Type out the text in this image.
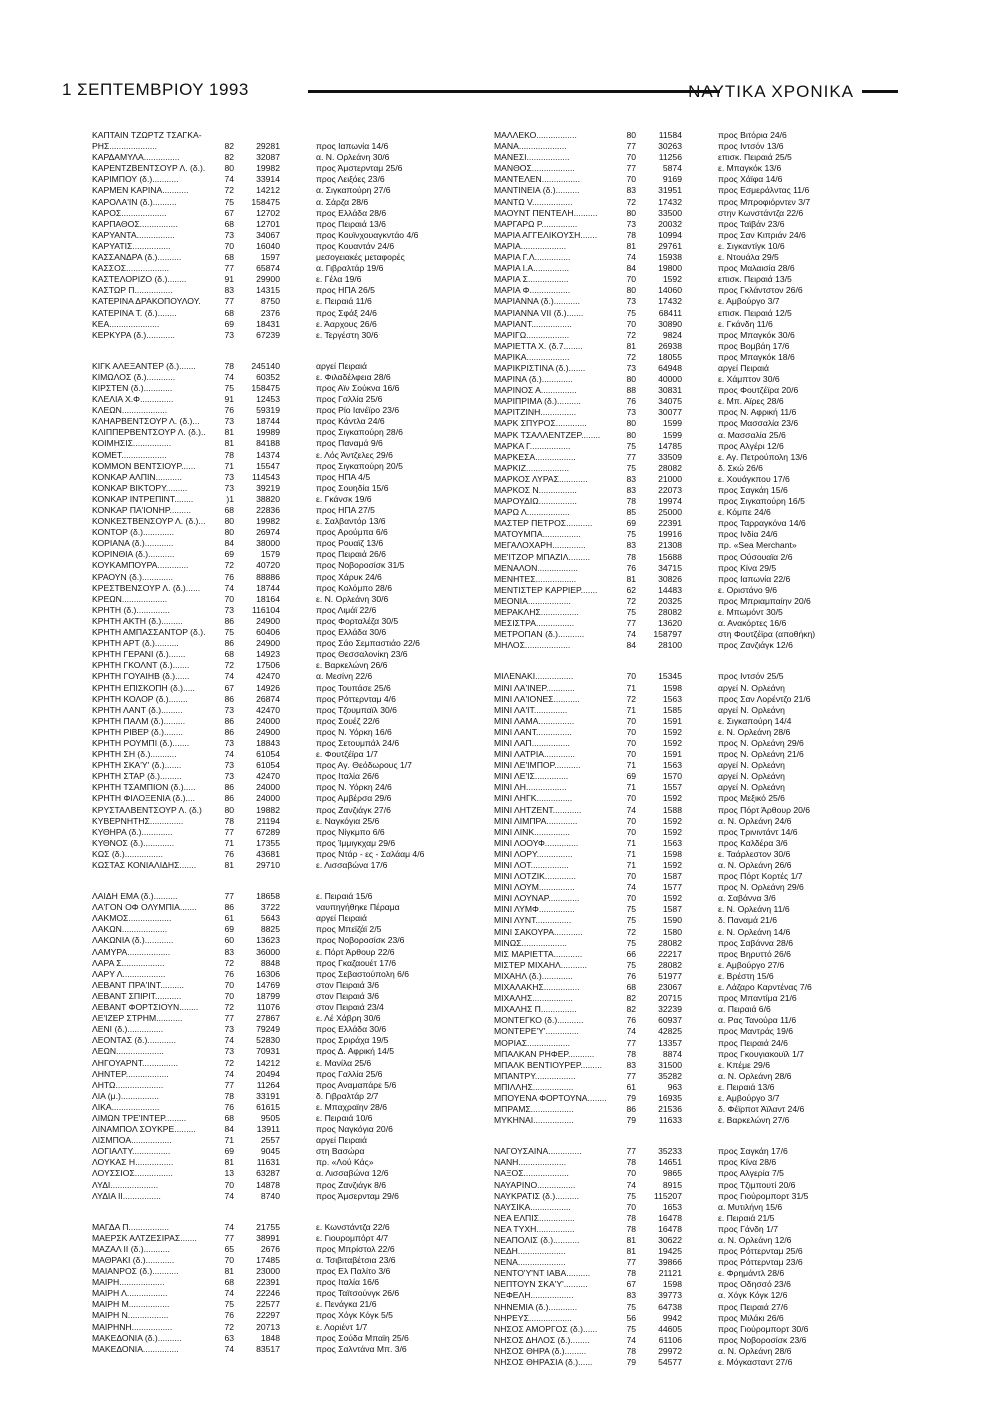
1 ΣΕΠΤΕΜΒΡΙΟΥ 1993	ΝΑΥΤΙΚΑ ΧΡΟΝΙΚΑ
ΚΑΠΤΑΙΝ ΤΖΩΡΤΖ ΤΣΑΓΚΑ-
ΡΗΣ....................	82	29281	προς Ιαπωνία 14/6
ΚΑΡΔΑΜΥΛΑ...............	82	32087	α. Ν. Ορλεάνη 30/6
ΚΑΡΕΝΤΖΒΕΝΤΣΟΥΡ Λ. (δ.).	80	19982	προς Άμστερνταμ 25/6
ΚΑΡΙΜΠΟΥ (δ.)...........	74	33914	προς Λειξόες 23/6
ΚΑΡΜΕΝ ΚΑΡΙΝΑ...........	72	14212	α. Σιγκαπούρη 27/6
ΚΑΡΟΛΑ'ΙΝ (δ.)..........	75	158475	α. Σάρζα 28/6
ΚΑΡΟΣ...................	67	12702	προς Ελλάδα 28/6
ΚΑΡΠΑΘΟΣ................	68	12701	προς Πειραιά 13/6
ΚΑΡΥΑΝΤΑ................	73	34067	προς Κουϊνχουαγκντάο 4/6
ΚΑΡΥΑΤΙΣ................	70	16040	προς Κουαντάν 24/6
ΚΑΣΣΑΝΔΡΑ (δ.)..........	68	1597	μεσογειακές μεταφορές
ΚΑΣΣΟΣ..................	77	65874	α. Γιβραλτάρ 19/6
ΚΑΣΤΕΛΟΡΙΖΟ (δ.)........	91	29900	ε. Γέλα 19/6
ΚΑΣΤΩΡ Π................	83	14315	προς ΗΠΑ 26/5
ΚΑΤΕΡΙΝΑ ΔΡΑΚΟΠΟΥΛΟΥ.	77	8750	ε. Πειραιά 11/6
ΚΑΤΕΡΙΝΑ Τ. (δ.)........	68	2376	προς Σφάξ 24/6
ΚΕΑ.....................	69	18431	ε. Άαρχους 26/6
ΚΕΡΚΥΡΑ (δ.)............	73	67239	ε. Τεργέστη 30/6
ΚΙΓΚ ΑΛΕΞΑΝΤΕΡ (δ.).......	78	245140	αργεί Πειραιά
ΚΙΜΩΛΟΣ (δ.)............	74	60352	ε. Φιλαδέλφεια 28/6
ΚΙΡΣΤΕΝ (δ.)............	75	158475	προς Αϊν Σούκνα 16/6
ΚΛΕΛΙΑ Χ.Φ..............	91	12453	προς Γαλλία 25/6
ΚΛΕΩΝ...................	76	59319	προς Ρίο Ιανέϊρο 23/6
ΚΛΗΑΡΒΕΝΤΣΟΥΡ Λ. (δ.)...	73	18744	προς Κάντλα 24/6
ΚΛΙΠΠΕΡΒΕΝΤΣΟΥΡ Λ. (δ.)..	81	19989	προς Σιγκαπούρη 28/6
ΚΟΙΜΗΣΙΣ................	81	84188	προς Παναμά 9/6
ΚΟΜΕΤ...................	78	14374	ε. Λός Άντζελες 29/6
ΚΟΜΜΟΝ ΒΕΝΤΣΙΟΥΡ......	71	15547	προς Σιγκαπούρη 20/5
ΚΟΝΚΑΡ ΑΛΠΙΝ...........	73	114543	προς ΗΠΑ 4/5
ΚΟΝΚΑΡ ΒΙΚΤΟΡΥ.........	73	39219	προς Σουηδία 15/6
ΚΟΝΚΑΡ ΙΝΤΡΕΠΙΝΤ........	)1	38820	ε. Γκάνσκ 19/6
ΚΟΝΚΑΡ ΠΑ'ΙΟΝΗΡ.........	68	22836	προς ΗΠΑ 27/5
ΚΟΝΚΕΣΤΒΕΝΣΟΥΡ Λ. (δ.)...	80	19982	ε. Σαλβαντόρ 13/6
ΚΟΝΤΟΡ (δ.).............	80	26974	προς Αρούμπα 6/6
ΚΟΡΙΑΝΑ (δ.)............	84	38000	προς Ρουαϊζ 13/6
ΚΟΡΙΝΘΙΑ (δ.)...........	69	1579	προς Πειραιά 26/6
ΚΟΥΚΑΜΠΟΥΡΑ.............	72	40720	προς Νοβοροσίσκ 31/5
ΚΡΑΟΥΝ (δ.).............	76	88886	προς Χάρυκ 24/6
ΚΡΕΣΤΒΕΝΣΟΥΡ Λ. (δ.)......	74	18744	προς Κολόμπο 28/6
ΚΡΕΩΝ...................	70	18164	ε. Ν. Ορλεάνη 30/6
ΚΡΗΤΗ (δ.)..............	73	116104	προς Λιμάϊ 22/6
ΚΡΗΤΗ ΑΚΤΗ (δ.).........	86	24900	προς Φορταλέζα 30/5
ΚΡΗΤΗ ΑΜΠΑΣΣΑΝΤΟΡ (δ.).	75	60406	προς Ελλάδα 30/6
ΚΡΗΤΗ ΑΡΤ (δ.)..........	86	24900	προς Σάο Σεμπαστιάο 22/6
ΚΡΗΤΗ ΓΕΡΑΝΙ (δ.).......	68	14923	προς Θεσσαλονίκη 23/6
ΚΡΗΤΗ ΓΚΟΛΝΤ (δ.).......	72	17506	ε. Βαρκελώνη 26/6
ΚΡΗΤΗ ΓΟΥΑΙΗΒ (δ.)......	74	42470	α. Μεσίνη 22/6
ΚΡΗΤΗ ΕΠΙΣΚΟΠΗ (δ.).....	67	14926	προς Τουπάσε 25/6
ΚΡΗΤΗ ΚΟΛΟΡ (δ.)........	86	26874	προς Ρόττερνταμ 4/6
ΚΡΗΤΗ ΛΑΝΤ (δ.).........	73	42470	προς Τζουμπαϊλ 30/6
ΚΡΗΤΗ ΠΑΛΜ (δ.).........	86	24000	προς Σουέζ 22/6
ΚΡΗΤΗ ΡΙΒΕΡ (δ.)........	86	24900	προς Ν. Υόρκη 16/6
ΚΡΗΤΗ ΡΟΥΜΠΙ (δ.).......	73	18843	προς Σετουμπάλ 24/6
ΚΡΗΤΗ ΣΗ (δ.)...........	74	61054	ε. Φουτζέϊρα 1/7
ΚΡΗΤΗ ΣΚΑ'Υ' (δ.).......	73	61054	προς Αγ. Θεόδωρους 1/7
ΚΡΗΤΗ ΣΤΑΡ (δ.).........	73	42470	προς Ιταλία 26/6
ΚΡΗΤΗ ΤΣΑΜΠΙΟΝ (δ.).....	86	24000	προς Ν. Υόρκη 24/6
ΚΡΗΤΗ ΦΙΛΟΞΕΝΙΑ (δ.)....	86	24000	προς Αμβέρσα 29/6
ΚΡΥΣΤΑΛΒΕΝΤΣΟΥΡ Λ. (δ.)	80	19882	προς Ζανζιάγκ 27/6
ΚΥΒΕΡΝΗΤΗΣ..............	78	21194	ε. Ναγκόγια 25/6
ΚΥΘΗΡΑ (δ.).............	77	67289	προς Νίγκμπο 6/6
ΚΥΘΝΟΣ (δ.).............	71	17355	προς Ίμμιγκχαμ 29/6
ΚΩΣ (δ.)................	76	43681	προς Ντάρ - ες - Σαλάαμ 4/6
ΚΩΣΤΑΣ ΚΟΝΙΑΛΙΔΗΣ.......	81	29710	ε. Λισσαβώνα 17/6
ΛΑΙΔΗ ΕΜΑ (δ.)..........	77	18658	ε. Πειραιά 15/6
ΛΑ'ΓΟΝ ΟΦ ΟΛΥΜΠΙΑ.......	86	3722	ναυπηγήθηκε Πέραμα
ΛΑΚΜΟΣ..................	61	5643	αργεί Πειραιά
ΛΑΚΩΝ...................	69	8825	προς Μπεϊζάϊ 2/5
ΛΑΚΩΝΙΑ (δ.)............	60	13623	προς Νοβοροσίσκ 23/6
ΛΑΜΥΡΑ..................	83	36000	ε. Πόρτ Άρθουρ 22/6
ΛΑΡΑ Σ..................	72	8848	προς Γκαζαουέτ 17/6
ΛΑΡΥ Λ..................	76	16306	προς Σεβαστούπολη 6/6
ΛΕΒΑΝΤ ΠΡΑ'ΙΝΤ..........	70	14769	στον Πειραιά 3/6
ΛΕΒΑΝΤ ΣΠΙΡΙΤ...........	70	18799	στον Πειραιά 3/6
ΛΕΒΑΝΤ ΦΟΡΤΣΙΟΥΝ........	72	11076	στον Πειραιά 23/4
ΛΕ'ΙΖΕΡ ΣΤΡΗΜ...........	77	27867	ε. Λέ Χάβρη 30/6
ΛΕΝΙ (δ.)...............	73	79249	προς Ελλάδα 30/6
ΛΕΟΝΤΑΣ (δ.)............	74	52830	προς Σριράχα 19/5
ΛΕΩΝ....................	73	70931	προς Δ. Αφρική 14/5
ΛΗΓΟΥΑΡΝΤ...............	72	14212	ε. Μανίλα 25/6
ΛΗΝΤΕΡ..................	74	20494	προς Γαλλία 25/6
ΛΗΤΩ....................	77	11264	προς Αναμαπάρε 5/6
ΛΙΑ (μ.)................	78	33191	δ. Γιβραλτάρ 2/7
ΛΙΚΑ....................	76	61615	ε. Μπαχραϊην 28/6
ΛΙΜΩΝ ΤΡΕ'ΙΝΤΕΡ.........	68	9505	ε. Πειραιά 10/6
ΛΙΝΑΜΠΟΛ ΣΟΥΚΡΕ.........	84	13911	προς Ναγκόγια 20/6
ΛΙΣΜΠΟΑ.................	71	2557	αργεί Πειραιά
ΛΟΓΙΑΛΤΥ................	69	9045	στη Βασώρα
ΛΟΥΚΑΣ Η................	81	11631	πρ. «Λού Κάς»
ΛΟΥΣΣΙΟΣ................	13	63287	α. Λισσαβώνα 12/6
ΛΥΔΙ....................	70	14878	προς Ζανζιάγκ 8/6
ΛΥΔΙΑ ΙΙ................	74	8740	προς Άμσερνταμ 29/6
ΜΑΓΔΑ Π.................	74	21755	ε. Κωνστάντζα 22/6
ΜΑΕΡΣΚ ΑΛΤΖΕΣΙΡΑΣ.......	77	38991	ε. Γιουρομπόρτ 4/7
ΜΑΖΑΛ ΙΙ (δ.)...........	65	2676	προς Μπρίστολ 22/6
ΜΑΘΡΑΚΙ (δ.)............	70	17485	α. Τσιβιταβέτσια 23/6
ΜΑΙΑΝΡΟΣ (δ.)...........	81	23000	προς Ελ Παλίτο 3/6
ΜΑΙΡΗ...................	68	22391	προς Ιταλία 16/6
ΜΑΙΡΗ Λ.................	74	22246	προς Ταϊτσούνγκ 26/6
ΜΑΙΡΗ Μ.................	75	22577	ε. Πενάγκα 21/6
ΜΑΙΡΗ Ν.................	76	22297	προς Χόγκ Κόγκ 5/5
ΜΑΙΡΗΝΗ.................	72	20713	ε. Λοριέντ 1/7
ΜΑΚΕΔΟΝΙΑ (δ.)..........	63	1848	προς Σούδα Μπαϊη 25/6
ΜΑΚΕΔΟΝΙΑ...............	74	83517	προς Σαλντάνα Μπ. 3/6
ΜΑΛΛΕΚΟ.................	80	11584	προς Βιτόρια 24/6
ΜΑΝΑ....................	77	30263	προς Ιντσόν 13/6
ΜΑΝΕΣΙ..................	70	11256	επισκ. Πειραιά 25/5
ΜΑΝΘΟΣ..................	77	5874	ε. Μπαγκόκ 13/6
ΜΑΝΤΕΛΕΝ................	70	9169	προς Χάϊφα 14/6
ΜΑΝΤΙΝΕΙΑ (δ.)..........	83	31951	προς Εσμεράλντας 11/6
ΜΑΝΤΩ V.................	72	17432	προς Μπροφιόρντεν 3/7
ΜΑΟΥΝΤ ΠΕΝΤΕΛΗ..........	80	33500	στην Κωνστάντζα 22/6
ΜΑΡΓΑΡΩ Ρ...............	73	20032	προς Ταϊβάν 23/6
ΜΑΡΙΑ ΑΓΓΕΛΙΚΟΥΣΗ.......	78	10994	προς Σαν Κιπριάν 24/6
ΜΑΡΙΑ...................	81	29761	ε. Σιγκαντίγκ 10/6
ΜΑΡΙΑ Γ.Λ...............	74	15938	ε. Ντουάλα 29/5
ΜΑΡΙΑ Ι.Α...............	84	19800	προς Μαλαισία 28/6
ΜΑΡΙΑ Σ.................	70	1592	επισκ. Πειραιά 13/5
ΜΑΡΙΑ Φ.................	80	14060	προς Γκλάντστον 26/6
ΜΑΡΙΑΝΝΑ (δ.)...........	73	17432	ε. Αμβούργο 3/7
ΜΑΡΙΑΝΝΑ VII (δ.).......	75	68411	επισκ. Πειραιά 12/5
ΜΑΡΙΑΝΤ.................	70	30890	ε. Γκάνδη 11/6
ΜΑΡΙΓΩ..................	72	9824	προς Μπαγκόκ 30/6
ΜΑΡΙΕΤΤΑ Χ. (δ.7........	81	26938	προς Βομβάη 17/6
ΜΑΡΙΚΑ..................	72	18055	προς Μπαγκόκ 18/6
ΜΑΡΙΚΡΙΣΤΙΝΑ (δ.).......	73	64948	αργεί Πειραιά
ΜΑΡΙΝΑ (δ.).............	80	40000	ε. Χάμπτον 30/6
ΜΑΡΙΝΟΣ Α...............	88	30831	προς Φουτζέϊρα 20/6
ΜΑΡΙΠΡΙΜΑ (δ.)..........	76	34075	ε. Μπ. Αϊρες 28/6
ΜΑΡΙΤΖΙΝΗ...............	73	30077	προς Ν. Αφρική 11/6
ΜΑΡΚ ΣΠΥΡΟΣ.............	80	1599	προς Μασσαλία 23/6
ΜΑΡΚ ΤΣΑΛΛΕΝΤΖΕΡ........	80	1599	α. Μασσαλία 25/6
ΜΑΡΚΑ Γ.................	75	14785	προς Αλγέρι 12/6
ΜΑΡΚΕΣΑ.................	77	33509	ε. Αγ. Πετρούπολη 13/6
ΜΑΡΚΙΖ..................	75	28082	δ. Σκώ 26/6
ΜΑΡΚΟΣ ΛΥΡΑΣ............	83	21000	ε. Χουάγκπου 17/6
ΜΑΡΚΟΣ Ν................	83	22073	προς Σαγκάη 15/6
ΜΑΡΟΥΔΙΩ................	78	19974	προς Σιγκαπούρη 16/5
ΜΑΡΩ Λ..................	85	25000	ε. Κόμπε 24/6
ΜΑΣΤΕΡ ΠΕΤΡΟΣ...........	69	22391	προς Ταρραγκόνα 14/6
ΜΑΤΟΥΜΠΑ................	75	19916	προς Ινδία 24/6
ΜΕΓΑΛΟΧΑΡΗ..............	83	21308	πρ. «Sea Merchant»
ΜΕ'ΙΤΖΟΡ ΜΠΑΖΙΛ.........	78	15688	προς Ούσουαϊα 2/6
ΜΕΝΑΛΟΝ.................	76	34715	προς Κίνα 29/5
ΜΕΝΗΤΕΣ.................	81	30826	προς Ιαπωνία 22/6
ΜΕΝΤΙΣΤΕΡ ΚΑΡΡΙΕΡ.......	62	14483	ε. Οριστάνο 9/6
ΜΕΟΝΙΑ..................	72	20325	προς Μπριαμπαίην 20/6
ΜΕΡΑΚΛΗΣ................	75	28082	ε. Μπωμόντ 30/5
ΜΕΣΙΣΤΡΑ................	77	13620	α. Ανακόρτες 16/6
ΜΕΤΡΟΠΑΝ (δ.)...........	74	158797	στη Φουτζέϊρα (αποθήκη)
ΜΗΛΟΣ...................	84	28100	προς Ζανζιάγκ 12/6
ΜΙΛΕΝΑΚΙ................	70	15345	προς Ιντσόν 25/5
ΜΙΝΙ ΛΑ'ΙΝΕΡ............	71	1598	αργεί Ν. Ορλεάνη
ΜΙΝΙ ΛΑ'ΙΟΝΕΣ...........	72	1563	προς Σαν Λορέντζο 21/6
ΜΙΝΙ ΛΑ'ΙΤ..............	71	1585	αργεί Ν. Ορλεάνη
ΜΙΝΙ ΛΑΜΑ...............	70	1591	ε. Σιγκαπούρη 14/4
ΜΙΝΙ ΛΑΝΤ...............	70	1592	ε. Ν. Ορλεάνη 28/6
ΜΙΝΙ ΛΑΠ................	70	1592	προς Ν. Ορλεάνη 29/6
ΜΙΝΙ ΛΑΤΡΙΑ.............	70	1591	προς Ν. Ορλεάνη 21/6
ΜΙΝΙ ΛΕ'ΙΜΠΟΡ...........	71	1563	αργεί Ν. Ορλεάνη
ΜΙΝΙ ΛΕ'ΙΣ..............	69	1570	αργεί Ν. Ορλεάνη
ΜΙΝΙ ΛΗ.................	71	1557	αργεί Ν. Ορλεάνη
ΜΙΝΙ ΛΗΓΚ...............	70	1592	προς Μεξικό 25/6
ΜΙΝΙ ΛΗΤΖΕΝΤ............	74	1588	προς Πόρτ Άρθουρ 20/6
ΜΙΝΙ ΛΙΜΠΡΑ.............	70	1592	α. Ν. Ορλεάνη 24/6
ΜΙΝΙ ΛΙΝΚ...............	70	1592	προς Τρινιντάντ 14/6
ΜΙΝΙ ΛΟΟΥΦ..............	71	1563	προς Καλδέρα 3/6
ΜΙΝΙ ΛΟΡΥ...............	71	1598	ε. Ταάρλεστον 30/6
ΜΙΝΙ ΛΟΤ................	71	1592	α. Ν. Ορλεάνη 26/6
ΜΙΝΙ ΛΟΤΖΙΚ.............	70	1587	προς Πόρτ Κορτές 1/7
ΜΙΝΙ ΛΟΥΜ...............	74	1577	προς Ν. Ορλεάνη 29/6
ΜΙΝΙ ΛΟΥΝΑΡ.............	70	1592	α. Σαβάννα 3/6
ΜΙΝΙ ΛΥΜΦ...............	75	1587	ε. Ν. Ορλεάνη 11/6
ΜΙΝΙ ΛΥΝΤ...............	75	1590	δ. Παναμά 21/6
ΜΙΝΙ ΣΑΚΟΥΡΑ............	72	1580	ε. Ν. Ορλεάνη 14/6
ΜΙΝΩΣ...................	75	28082	προς Σαβάννα 28/6
ΜΙΣ ΜΑΡΙΕΤΤΑ............	66	22217	προς Βηρυττό 26/6
ΜΙΣΤΕΡ ΜΙΧΑΗΛ...........	75	28082	ε. Αμβούργο 27/6
ΜΙΧΑΗΛ (δ.).............	76	51977	ε. Βρέστη 15/6
ΜΙΧΑΛΑΚΗΣ...............	68	23067	ε. Λάζαρο Καρντένας 7/6
ΜΙΧΑΛΗΣ.................	82	20715	προς Μπαντίμα 21/6
ΜΙΧΑΛΗΣ Π...............	82	32239	α. Πειραιά 6/6
ΜΟΝΤΕΓΚΟ (δ.)...........	76	60937	α. Ρας Τανούρα 11/6
ΜΟΝΤΕΡΕ'Υ'..............	74	42825	προς Μαντράς 19/6
ΜΟΡΙΑΣ..................	77	13357	προς Πειραιά 24/6
ΜΠΑΛΚΑΝ ΡΗΦΕΡ...........	78	8874	προς Γκουγιακουϊλ 1/7
ΜΠΑΛΚ ΒΕΝΤΙΟΥΡΕΡ.........	83	31500	ε. Κπέμε 29/6
ΜΠΑΝΤΡΥ.................	77	35282	α. Ν. Ορλεάνη 28/6
ΜΠΙΛΛΗΣ.................	61	963	ε. Πειραιά 13/6
ΜΠΟΥΕΝΑ ΦΟΡΤΟΥΝΑ........	79	16935	ε. Αμβούργο 3/7
ΜΠΡΑΜΣ..................	86	21536	δ. Φέϊρποτ Άϊλαντ 24/6
ΜΥΚΗΝΑΙ.................	79	11633	ε. Βαρκελώνη 27/6
ΝΑΓΟΥΣΑΙΝΑ..............	77	35233	προς Σαγκάη 17/6
ΝΑΝΗ....................	78	14651	προς Κίνα 28/6
ΝΑΞΟΣ...................	70	9865	προς Αλγερία 7/5
ΝΑΥΑΡΙΝΟ................	74	8915	προς Τζιμπουτί 20/6
ΝΑΥΚΡΑΤΙΣ (δ.)..........	75	115207	προς Γιούρομπορτ 31/5
ΝΑΥΣΙΚΑ.................	70	1653	α. Μυτιλήνη 15/6
ΝΕΑ ΕΛΠΙΣ...............	78	16478	ε. Πειραιά 21/5
ΝΕΑ ΤΥΧΗ................	78	16478	προς Γάνδη 1/7
ΝΕΑΠΟΛΙΣ (δ.)...........	81	30622	α. Ν. Ορλεάνη 12/6
ΝΕΔΗ....................	81	19425	προς Ρόττερνταμ 25/6
ΝΕΝΑ....................	77	39866	προς Ρόττερνταμ 23/6
ΝΕΝΤΟ'Υ'ΝΤ ΙΑΒΑ..........	78	21121	ε. Φρημάντλ 28/6
ΝΕΠΤΟΥΝ ΣΚΑ'Υ'..........	67	1598	προς Οδησσό 23/6
ΝΕΦΕΛΗ..................	83	39773	α. Χόγκ Κόγκ 12/6
ΝΗΝΕΜΙΑ (δ.)............	75	64738	προς Πειραιά 27/6
ΝΗΡΕΥΣ..................	56	9942	προς Μιλάκι 26/6
ΝΗΣΟΣ ΑΜΟΡΓΟΣ (δ.)......	75	44605	προς Γιούρομπορτ 30/6
ΝΗΣΟΣ ΔΗΛΟΣ (δ.)........	74	61106	προς Νοβοροσίσκ 23/6
ΝΗΣΟΣ ΘΗΡΑ (δ.).........	78	29972	α. Ν. Ορλεάνη 28/6
ΝΗΣΟΣ ΘΗΡΑΣΙΑ (δ.)......	79	54577	ε. Μόγκασταντ 27/6
